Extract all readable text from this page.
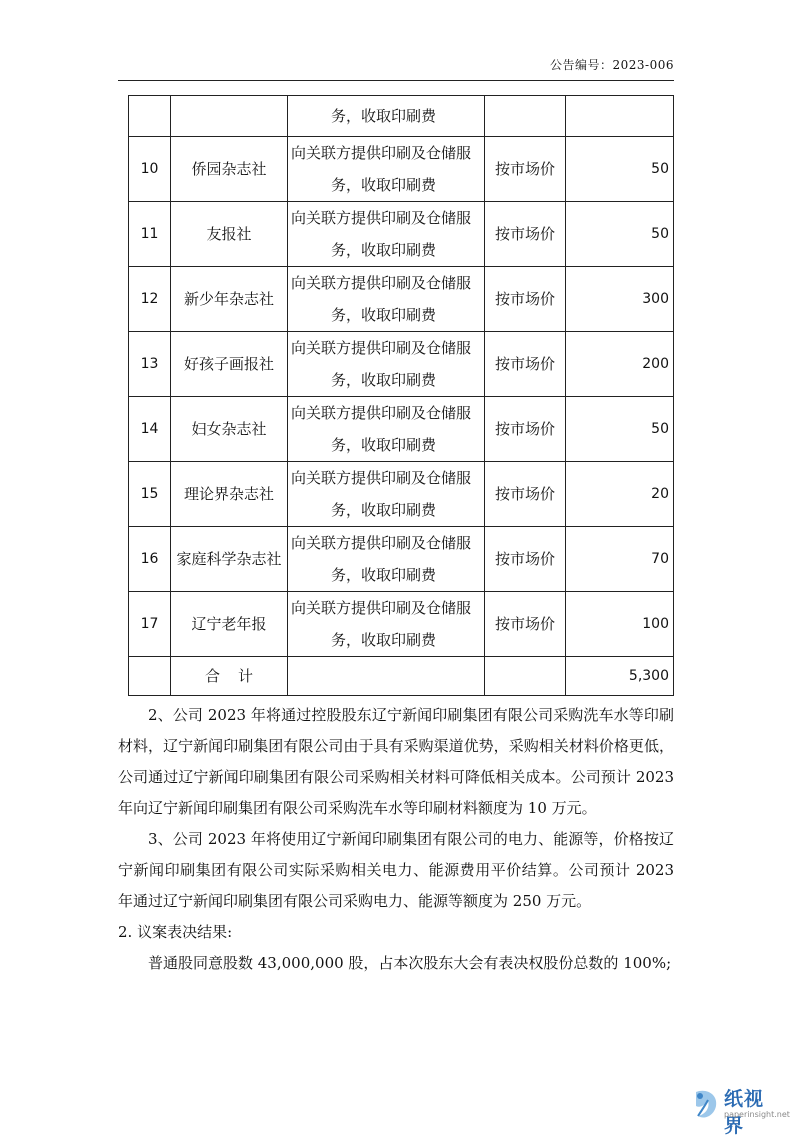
公告编号：2023-006

		务，收取印刷费		

10	侨园杂志社	向关联方提供印刷及仓储服
务，收取印刷费	按市场价	50
11	友报社	向关联方提供印刷及仓储服
务，收取印刷费	按市场价	50
12	新少年杂志社	向关联方提供印刷及仓储服
务，收取印刷费	按市场价	300
13	好孩子画报社	向关联方提供印刷及仓储服
务，收取印刷费	按市场价	200
14	妇女杂志社	向关联方提供印刷及仓储服
务，收取印刷费	按市场价	50
15	理论界杂志社	向关联方提供印刷及仓储服
务，收取印刷费	按市场价	20
16	家庭科学杂志社	向关联方提供印刷及仓储服
务，收取印刷费	按市场价	70
17	辽宁老年报	向关联方提供印刷及仓储服
务，收取印刷费	按市场价	100
	合计			5,300

2、公司 2023 年将通过控股股东辽宁新闻印刷集团有限公司采购洗车水等印刷材料，辽宁新闻印刷集团有限公司由于具有采购渠道优势，采购相关材料价格更低，公司通过辽宁新闻印刷集团有限公司采购相关材料可降低相关成本。公司预计 2023 年向辽宁新闻印刷集团有限公司采购洗车水等印刷材料额度为 10 万元。

3、公司 2023 年将使用辽宁新闻印刷集团有限公司的电力、能源等，价格按辽宁新闻印刷集团有限公司实际采购相关电力、能源费用平价结算。公司预计 2023 年通过辽宁新闻印刷集团有限公司采购电力、能源等额度为 250 万元。

2. 议案表决结果:

普通股同意股数 43,000,000 股，占本次股东大会有表决权股份总数的 100%;

纸视界
paperinsight.net
